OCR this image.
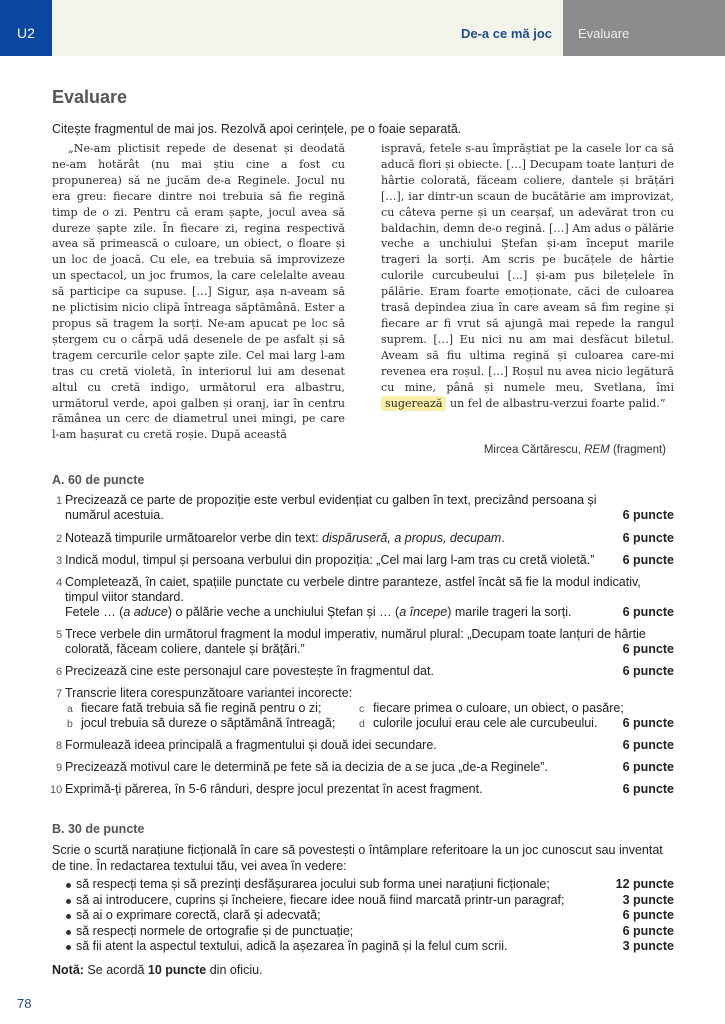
U2	De-a ce mă joc	Evaluare
Evaluare
Citește fragmentul de mai jos. Rezolvă apoi cerințele, pe o foaie separată.

„Ne-am plictisit repede de desenat și deodată ne-am hotărât (nu mai știu cine a fost cu propunerea) să ne jucăm de-a Reginele. Jocul nu era greu: fiecare dintre noi trebuia să fie regină timp de o zi. Pentru că eram șapte, jocul avea să dureze șapte zile. În fiecare zi, regina respectivă avea să primească o culoare, un obiect, o floare și un loc de joacă. Cu ele, ea trebuia să improvizeze un spectacol, un joc frumos, la care celelalte aveau să participe ca supuse. […] Sigur, așa n-aveam să ne plictisim nicio clipă întreaga săptămână. Ester a propus să tragem la sorți. Ne-am apucat pe loc să ștergem cu o cârpă udă desenele de pe asfalt și să tragem cercurile celor șapte zile. Cel mai larg l-am tras cu cretă violetă, în interiorul lui am desenat altul cu cretă indigo, următorul era albastru, următorul verde, apoi galben și oranj, iar în centru rămânea un cerc de diametrul unei mingi, pe care l-am hașurat cu cretă roșie. După această

ispravă, fetele s-au împrăștiat pe la casele lor ca să aducă flori și obiecte. […] Decupam toate lanțuri de hârtie colorată, făceam coliere, dantele și brățări […], iar dintr-un scaun de bucătărie am improvizat, cu câteva perne și un cearșaf, un adevărat tron cu baldachin, demn de-o regină. […] Am adus o pălărie veche a unchiului Ștefan și-am început marile trageri la sorți. Am scris pe bucățele de hârtie culorile curcubeului […] și-am pus bilețelele în pălărie. Eram foarte emoționate, căci de culoarea trasă depindea ziua în care aveam să fim regine și fiecare ar fi vrut să ajungă mai repede la rangul suprem. […] Eu nici nu am mai desfăcut biletul. Aveam să fiu ultima regină și culoarea care-mi revenea era roșul. […] Roșul nu avea nicio legătură cu mine, până și numele meu, Svetlana, îmi sugerează un fel de albastru-verzui foarte palid.”

Mircea Cărtărescu, REM (fragment)
A. 60 de puncte
1 Precizează ce parte de propoziție este verbul evidențiat cu galben în text, precizând persoana și numărul acestuia.	6 puncte
2 Notează timpurile următoarelor verbe din text: dispăruseră, a propus, decupam.	6 puncte
3 Indică modul, timpul și persoana verbului din propoziția: „Cel mai larg l-am tras cu cretă violetă.” 6 puncte
4 Completează, în caiet, spațiile punctate cu verbele dintre paranteze, astfel încât să fie la modul indicativ, timpul viitor standard.
Fetele … (a aduce) o pălărie veche a unchiului Ștefan și … (a începe) marile trageri la sorți.	6 puncte
5 Trece verbele din următorul fragment la modul imperativ, numărul plural: „Decupam toate lanțuri de hârtie colorată, făceam coliere, dantele și brățări.”	6 puncte
6 Precizează cine este personajul care povestește în fragmentul dat.	6 puncte
7 Transcrie litera corespunzătoare variantei incorecte:
a fiecare fată trebuia să fie regină pentru o zi;	c fiecare primea o culoare, un obiect, o pasăre;
b jocul trebuia să dureze o săptămână întreagă;	d culorile jocului erau cele ale curcubeului.	6 puncte
8 Formulează ideea principală a fragmentului și două idei secundare.	6 puncte
9 Precizează motivul care le determină pe fete să ia decizia de a se juca „de-a Reginele”.	6 puncte
10 Exprimă-ți părerea, în 5-6 rânduri, despre jocul prezentat în acest fragment.	6 puncte
B. 30 de puncte
Scrie o scurtă narațiune ficțională în care să povestești o întâmplare referitoare la un joc cunoscut sau inventat de tine. În redactarea textului tău, vei avea în vedere:
să respecți tema și să prezinți desfășurarea jocului sub forma unei narațiuni ficționale;	12 puncte
să ai introducere, cuprins și încheiere, fiecare idee nouă fiind marcată printr-un paragraf;	3 puncte
să ai o exprimare corectă, clară și adecvată;	6 puncte
să respecți normele de ortografie și de punctuație;	6 puncte
să fii atent la aspectul textului, adică la așezarea în pagină și la felul cum scrii.	3 puncte
Notă: Se acordă 10 puncte din oficiu.
78
